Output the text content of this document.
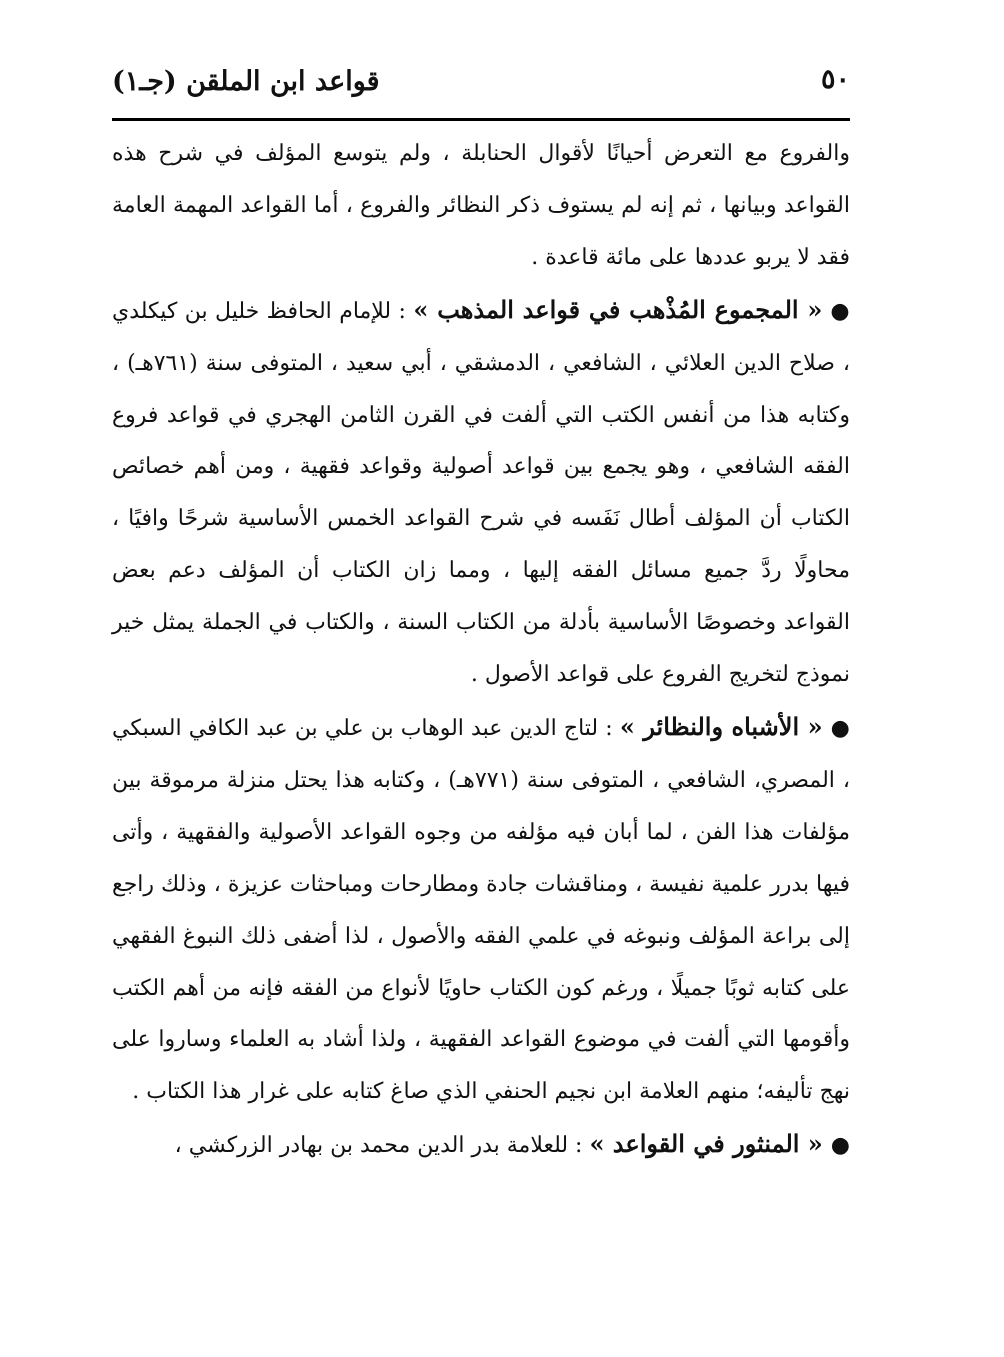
قواعد ابن الملقن (جـ١)	٥٠

والفروع مع التعرض أحيانًا لأقوال الحنابلة ، ولم يتوسع المؤلف في شرح هذه القواعد وبيانها ، ثم إنه لم يستوف ذكر النظائر والفروع ، أما القواعد المهمة العامة فقد لا يربو عددها على مائة قاعدة .

●« المجموع المُذْهب في قواعد المذهب » : للإمام الحافظ خليل بن كيكلدي ، صلاح الدين العلائي ، الشافعي ، الدمشقي ، أبي سعيد ، المتوفى سنة (٧٦١هـ) ، وكتابه هذا من أنفس الكتب التي ألفت في القرن الثامن الهجري في قواعد فروع الفقه الشافعي ، وهو يجمع بين قواعد أصولية وقواعد فقهية ، ومن أهم خصائص الكتاب أن المؤلف أطال نَفَسه في شرح القواعد الخمس الأساسية شرحًا وافيًا ، محاولًا ردَّ جميع مسائل الفقه إليها ، ومما زان الكتاب أن المؤلف دعم بعض القواعد وخصوصًا الأساسية بأدلة من الكتاب السنة ، والكتاب في الجملة يمثل خير نموذج لتخريج الفروع على قواعد الأصول .

●« الأشباه والنظائر » : لتاج الدين عبد الوهاب بن علي بن عبد الكافي السبكي ، المصري، الشافعي ، المتوفى سنة (٧٧١هـ) ، وكتابه هذا يحتل منزلة مرموقة بين مؤلفات هذا الفن ، لما أبان فيه مؤلفه من وجوه القواعد الأصولية والفقهية ، وأتى فيها بدرر علمية نفيسة ، ومناقشات جادة ومطارحات ومباحثات عزيزة ، وذلك راجع إلى براعة المؤلف ونبوغه في علمي الفقه والأصول ، لذا أضفى ذلك النبوغ الفقهي على كتابه ثوبًا جميلًا ، ورغم كون الكتاب حاويًا لأنواع من الفقه فإنه من أهم الكتب وأقومها التي ألفت في موضوع القواعد الفقهية ، ولذا أشاد به العلماء وساروا على نهج تأليفه؛ منهم العلامة ابن نجيم الحنفي الذي صاغ كتابه على غرار هذا الكتاب .

●« المنثور في القواعد » : للعلامة بدر الدين محمد بن بهادر الزركشي ،
